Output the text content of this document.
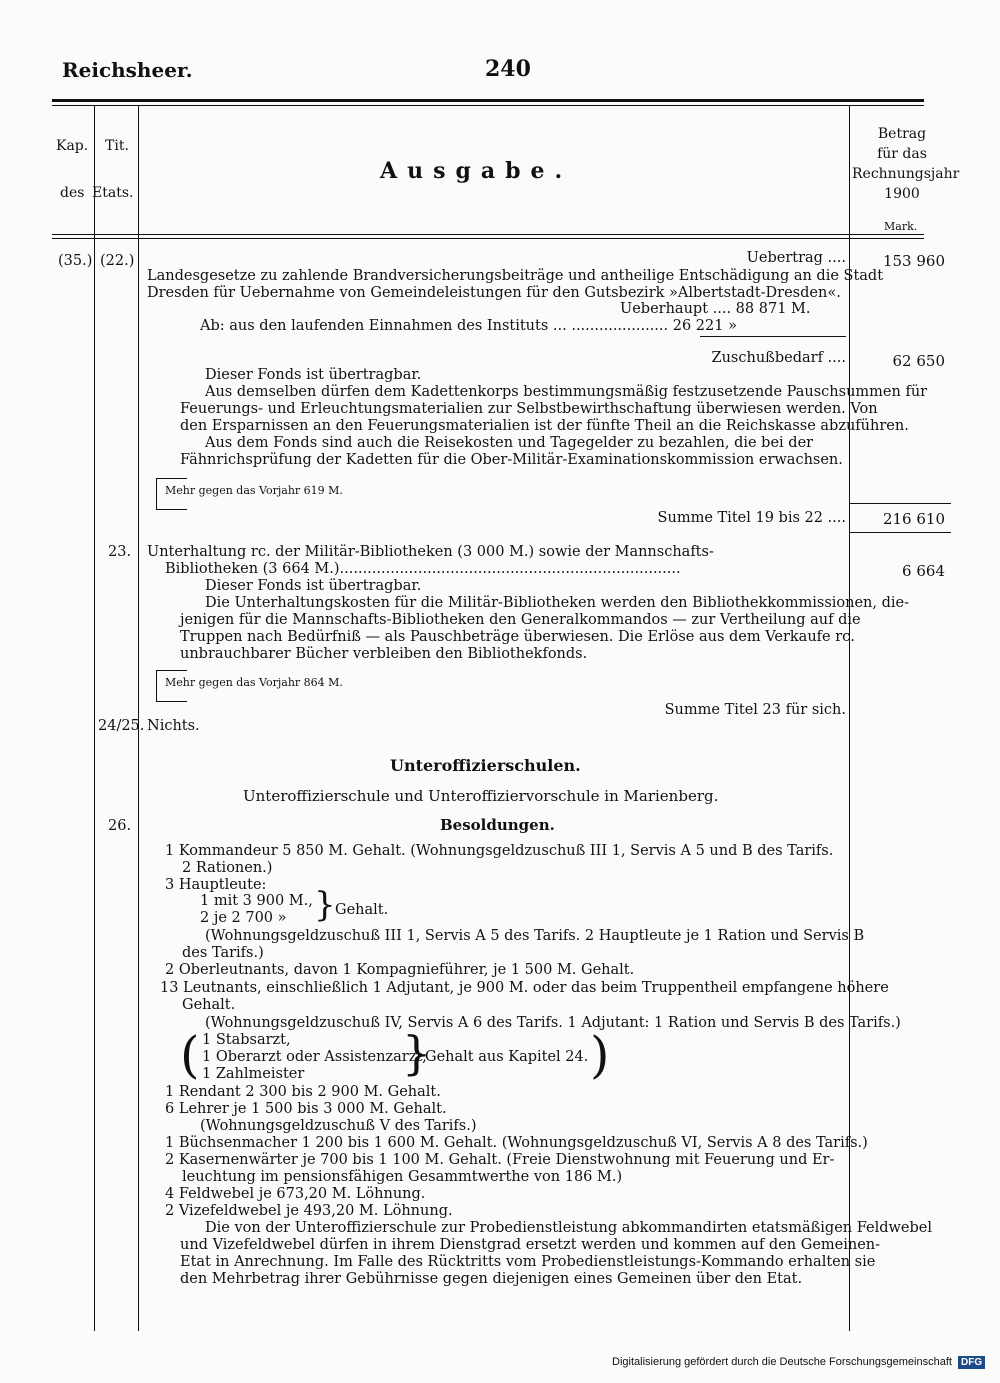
Reichsheer.	240
Kap. Tit.
des Etats.
Ausgabe.
Betrag
für das
Rechnungsjahr
1900
Mark.
(35.) (22.)	Uebertrag ....	153 960
Landesgesetze zu zahlende Brandversicherungsbeiträge und antheilige Entschädigung an die Stadt
Dresden für Uebernahme von Gemeindeleistungen für den Gutsbezirk »Albertstadt-Dresden«.
Ueberhaupt .... 88 871 M.
Ab: aus den laufenden Einnahmen des Instituts ... ..................... 26 221 »
Zuschußbedarf ....	62 650
Dieser Fonds ist übertragbar.
Aus demselben dürfen dem Kadettenkorps bestimmungsmäßig festzusetzende Pauschsummen für
Feuerungs- und Erleuchtungsmaterialien zur Selbstbewirthschaftung überwiesen werden. Von
den Ersparnissen an den Feuerungsmaterialien ist der fünfte Theil an die Reichskasse abzuführen.
Aus dem Fonds sind auch die Reisekosten und Tagegelder zu bezahlen, die bei der
Fähnrichsprüfung der Kadetten für die Ober-Militär-Examinationskommission erwachsen.
Mehr gegen das Vorjahr 619 M.
Summe Titel 19 bis 22 ....	216 610
23. Unterhaltung rc. der Militär-Bibliotheken (3 000 M.) sowie der Mannschafts-
Bibliotheken (3 664 M.)..........................................................................	6 664
Dieser Fonds ist übertragbar.
Die Unterhaltungskosten für die Militär-Bibliotheken werden den Bibliothekkommissionen, die-
jenigen für die Mannschafts-Bibliotheken den Generalkommandos — zur Vertheilung auf die
Truppen nach Bedürfniß — als Pauschbeträge überwiesen. Die Erlöse aus dem Verkaufe rc.
unbrauchbarer Bücher verbleiben den Bibliothekfonds.
Mehr gegen das Vorjahr 864 M.
Summe Titel 23 für sich.
24/25. Nichts.
Unteroffizierschulen.
Unteroffizierschule und Unteroffiziervorschule in Marienberg.
26.	Besoldungen.
1 Kommandeur 5 850 M. Gehalt. (Wohnungsgeldzuschuß III 1, Servis A 5 und B des Tarifs.
2 Rationen.)
3 Hauptleute:
1 mit 3 900 M.,
2 je 2 700 » } Gehalt.
(Wohnungsgeldzuschuß III 1, Servis A 5 des Tarifs. 2 Hauptleute je 1 Ration und Servis B
des Tarifs.)
2 Oberleutnants, davon 1 Kompagnieführer, je 1 500 M. Gehalt.
13 Leutnants, einschließlich 1 Adjutant, je 900 M. oder das beim Truppentheil empfangene höhere
Gehalt.
(Wohnungsgeldzuschuß IV, Servis A 6 des Tarifs. 1 Adjutant: 1 Ration und Servis B des Tarifs.)
( 1 Stabsarzt,
1 Oberarzt oder Assistenzarzt,
1 Zahlmeister }
Gehalt aus Kapitel 24. )
1 Rendant 2 300 bis 2 900 M. Gehalt.
6 Lehrer je 1 500 bis 3 000 M. Gehalt.
(Wohnungsgeldzuschuß V des Tarifs.)
1 Büchsenmacher 1 200 bis 1 600 M. Gehalt. (Wohnungsgeldzuschuß VI, Servis A 8 des Tarifs.)
2 Kasernenwärter je 700 bis 1 100 M. Gehalt. (Freie Dienstwohnung mit Feuerung und Er-
leuchtung im pensionsfähigen Gesammtwerthe von 186 M.)
4 Feldwebel je 673,20 M. Löhnung.
2 Vizefeldwebel je 493,20 M. Löhnung.
Die von der Unteroffizierschule zur Probedienstleistung abkommandirten etatsmäßigen Feldwebel
und Vizefeldwebel dürfen in ihrem Dienstgrad ersetzt werden und kommen auf den Gemeinen-
Etat in Anrechnung. Im Falle des Rücktritts vom Probedienstleistungs-Kommando erhalten sie
den Mehrbetrag ihrer Gebührnisse gegen diejenigen eines Gemeinen über den Etat.
Digitalisierung gefördert durch die Deutsche Forschungsgemeinschaft DFG
